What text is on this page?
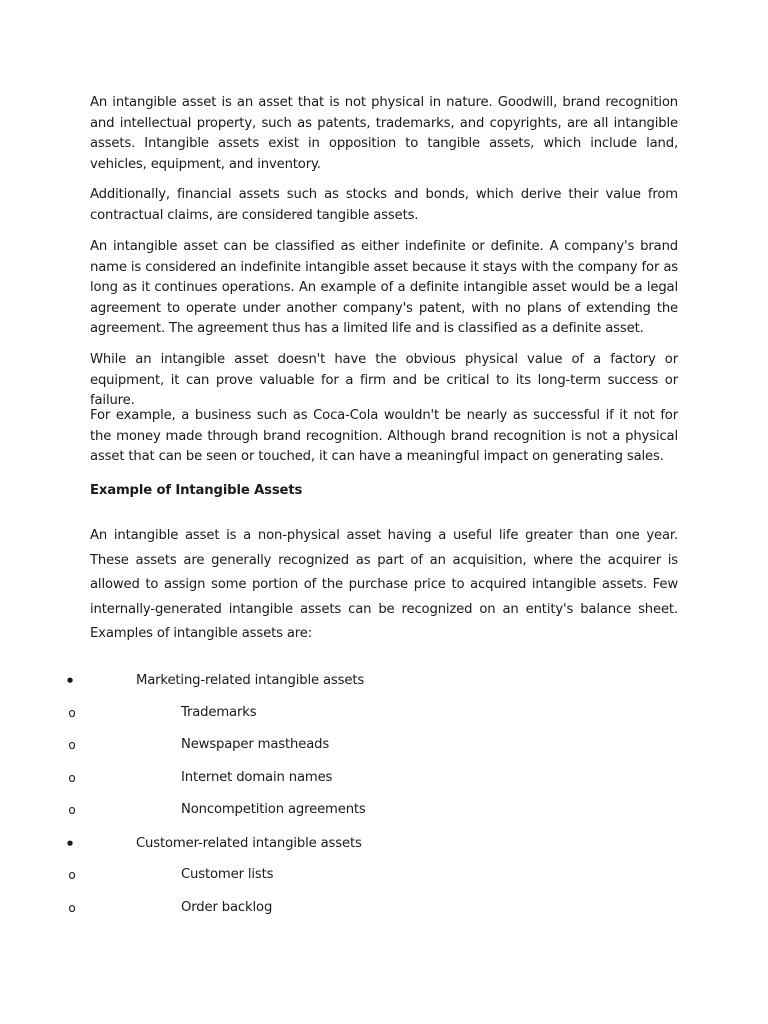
An intangible asset is an asset that is not physical in nature. Goodwill, brand recognition and intellectual property, such as patents, trademarks, and copyrights, are all intangible assets. Intangible assets exist in opposition to tangible assets, which include land, vehicles, equipment, and inventory.

Additionally, financial assets such as stocks and bonds, which derive their value from contractual claims, are considered tangible assets.

An intangible asset can be classified as either indefinite or definite. A company's brand name is considered an indefinite intangible asset because it stays with the company for as long as it continues operations. An example of a definite intangible asset would be a legal agreement to operate under another company's patent, with no plans of extending the agreement. The agreement thus has a limited life and is classified as a definite asset.

While an intangible asset doesn't have the obvious physical value of a factory or equipment, it can prove valuable for a firm and be critical to its long-term success or failure.

For example, a business such as Coca-Cola wouldn't be nearly as successful if it not for the money made through brand recognition. Although brand recognition is not a physical asset that can be seen or touched, it can have a meaningful impact on generating sales.

Example of Intangible Assets

An intangible asset is a non-physical asset having a useful life greater than one year. These assets are generally recognized as part of an acquisition, where the acquirer is allowed to assign some portion of the purchase price to acquired intangible assets. Few internally-generated intangible assets can be recognized on an entity's balance sheet. Examples of intangible assets are:

•	Marketing-related intangible assets
o	Trademarks
o	Newspaper mastheads
o	Internet domain names
o	Noncompetition agreements
•	Customer-related intangible assets
o	Customer lists
o	Order backlog
